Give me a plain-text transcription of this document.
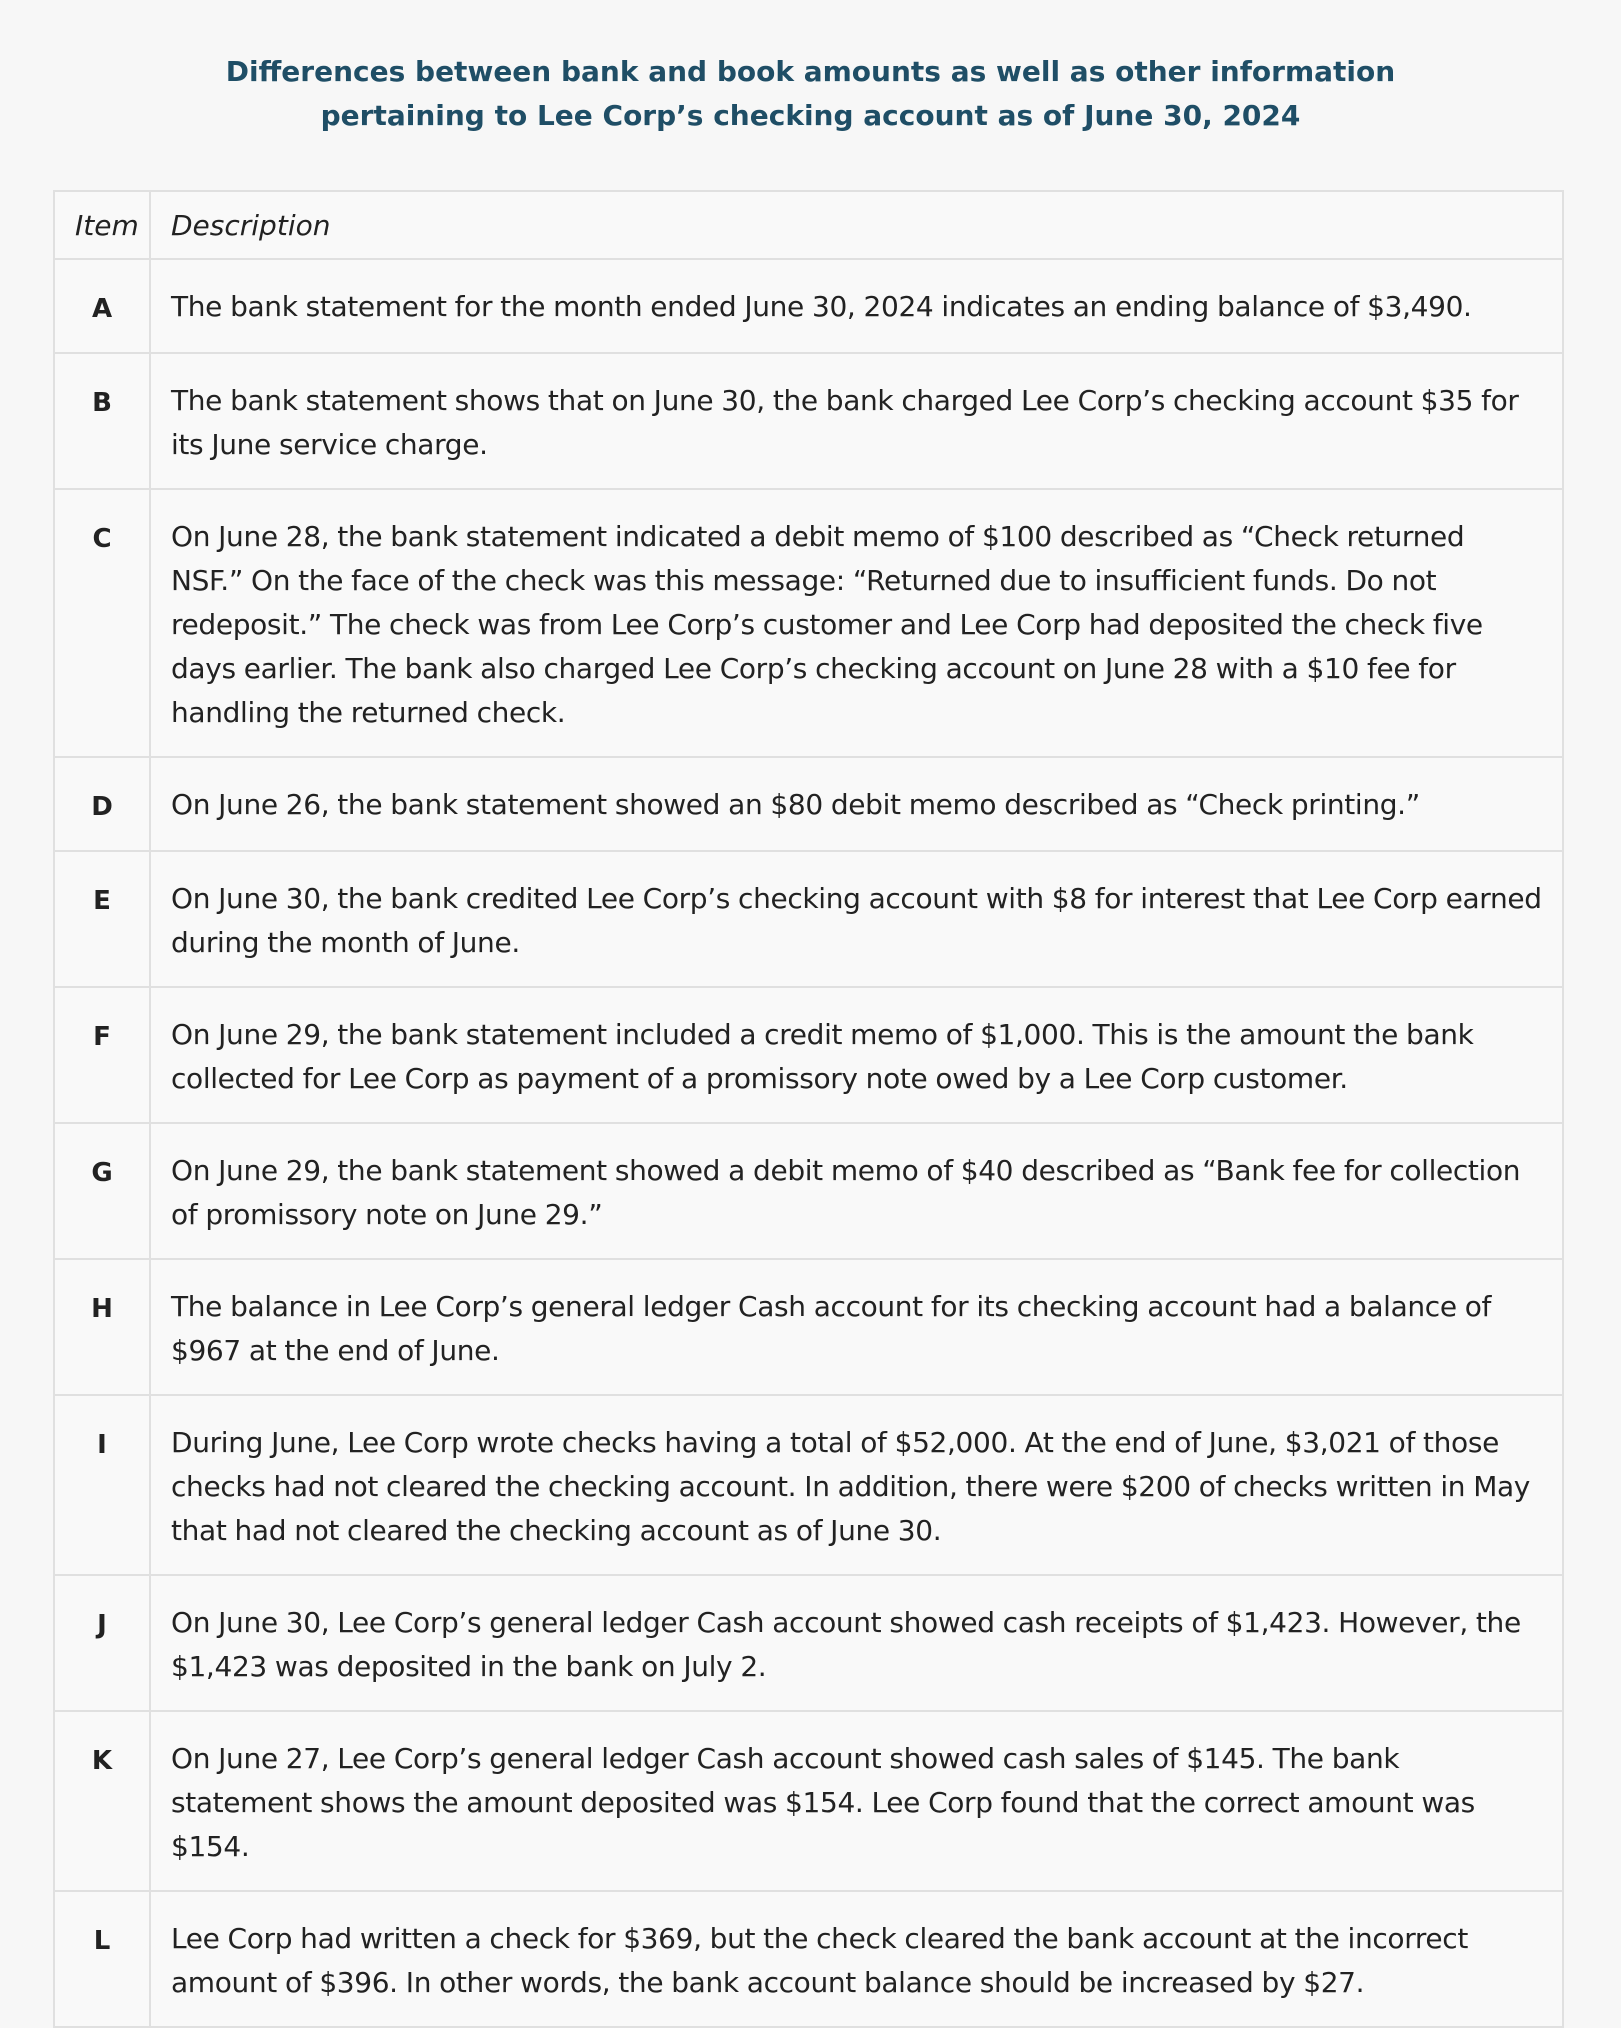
Differences between bank and book amounts as well as other information
pertaining to Lee Corp’s checking account as of June 30, 2024
Item	Description
A	The bank statement for the month ended June 30, 2024 indicates an ending balance of $3,490.
B	The bank statement shows that on June 30, the bank charged Lee Corp’s checking account $35 for its June service charge.
C	On June 28, the bank statement indicated a debit memo of $100 described as “Check returned NSF.” On the face of the check was this message: “Returned due to insufficient funds. Do not redeposit.” The check was from Lee Corp’s customer and Lee Corp had deposited the check five days earlier. The bank also charged Lee Corp’s checking account on June 28 with a $10 fee for handling the returned check.
D	On June 26, the bank statement showed an $80 debit memo described as “Check printing.”
E	On June 30, the bank credited Lee Corp’s checking account with $8 for interest that Lee Corp earned during the month of June.
F	On June 29, the bank statement included a credit memo of $1,000. This is the amount the bank collected for Lee Corp as payment of a promissory note owed by a Lee Corp customer.
G	On June 29, the bank statement showed a debit memo of $40 described as “Bank fee for collection of promissory note on June 29.”
H	The balance in Lee Corp’s general ledger Cash account for its checking account had a balance of $967 at the end of June.
I	During June, Lee Corp wrote checks having a total of $52,000. At the end of June, $3,021 of those checks had not cleared the checking account. In addition, there were $200 of checks written in May that had not cleared the checking account as of June 30.
J	On June 30, Lee Corp’s general ledger Cash account showed cash receipts of $1,423. However, the $1,423 was deposited in the bank on July 2.
K	On June 27, Lee Corp’s general ledger Cash account showed cash sales of $145. The bank statement shows the amount deposited was $154. Lee Corp found that the correct amount was $154.
L	Lee Corp had written a check for $369, but the check cleared the bank account at the incorrect amount of $396. In other words, the bank account balance should be increased by $27.
